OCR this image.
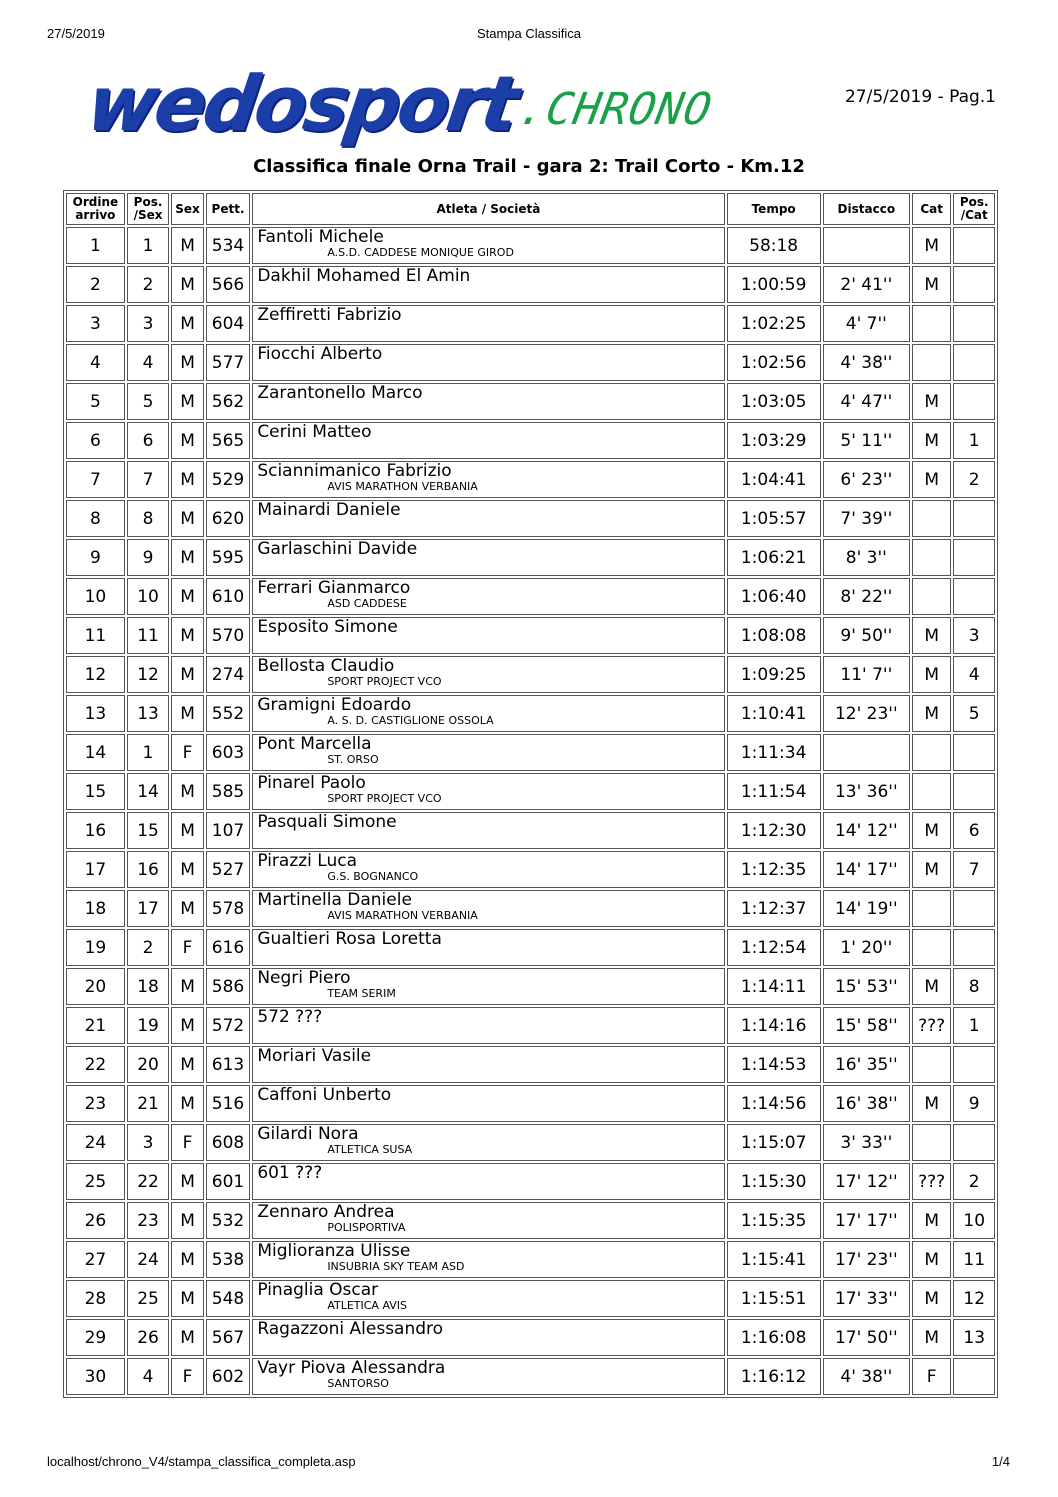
27/5/2019	Stampa Classifica
wedosport
.CHRONO	27/5/2019 - Pag.1
Classifica finale Orna Trail - gara 2: Trail Corto - Km.12
Ordine
arrivo	Pos.
/Sex	Sex	Pett.	Atleta / Società	Tempo	Distacco	Cat	Pos.
/Cat
1	1	M	534	Fantoli Michele
A.S.D. CADDESE MONIQUE GIROD	58:18		M	
2	2	M	566	Dakhil Mohamed El Amin	1:00:59	2' 41''	M	
3	3	M	604	Zeffiretti Fabrizio	1:02:25	4' 7''		
4	4	M	577	Fiocchi Alberto	1:02:56	4' 38''		
5	5	M	562	Zarantonello Marco	1:03:05	4' 47''	M	
6	6	M	565	Cerini Matteo	1:03:29	5' 11''	M	1
7	7	M	529	Sciannimanico Fabrizio
AVIS MARATHON VERBANIA	1:04:41	6' 23''	M	2
8	8	M	620	Mainardi Daniele	1:05:57	7' 39''		
9	9	M	595	Garlaschini Davide	1:06:21	8' 3''		
10	10	M	610	Ferrari Gianmarco
ASD CADDESE	1:06:40	8' 22''		
11	11	M	570	Esposito Simone	1:08:08	9' 50''	M	3
12	12	M	274	Bellosta Claudio
SPORT PROJECT VCO	1:09:25	11' 7''	M	4
13	13	M	552	Gramigni Edoardo
A. S. D. CASTIGLIONE OSSOLA	1:10:41	12' 23''	M	5
14	1	F	603	Pont Marcella
ST. ORSO	1:11:34			
15	14	M	585	Pinarel Paolo
SPORT PROJECT VCO	1:11:54	13' 36''		
16	15	M	107	Pasquali Simone	1:12:30	14' 12''	M	6
17	16	M	527	Pirazzi Luca
G.S. BOGNANCO	1:12:35	14' 17''	M	7
18	17	M	578	Martinella Daniele
AVIS MARATHON VERBANIA	1:12:37	14' 19''		
19	2	F	616	Gualtieri Rosa Loretta	1:12:54	1' 20''		
20	18	M	586	Negri Piero
TEAM SERIM	1:14:11	15' 53''	M	8
21	19	M	572	572 ???	1:14:16	15' 58''	???	1
22	20	M	613	Moriari Vasile	1:14:53	16' 35''		
23	21	M	516	Caffoni Unberto	1:14:56	16' 38''	M	9
24	3	F	608	Gilardi Nora
ATLETICA SUSA	1:15:07	3' 33''		
25	22	M	601	601 ???	1:15:30	17' 12''	???	2
26	23	M	532	Zennaro Andrea
POLISPORTIVA	1:15:35	17' 17''	M	10
27	24	M	538	Miglioranza Ulisse
INSUBRIA SKY TEAM ASD	1:15:41	17' 23''	M	11
28	25	M	548	Pinaglia Oscar
ATLETICA AVIS	1:15:51	17' 33''	M	12
29	26	M	567	Ragazzoni Alessandro	1:16:08	17' 50''	M	13
30	4	F	602	Vayr Piova Alessandra
SANTORSO	1:16:12	4' 38''	F	
localhost/chrono_V4/stampa_classifica_completa.asp	1/4
